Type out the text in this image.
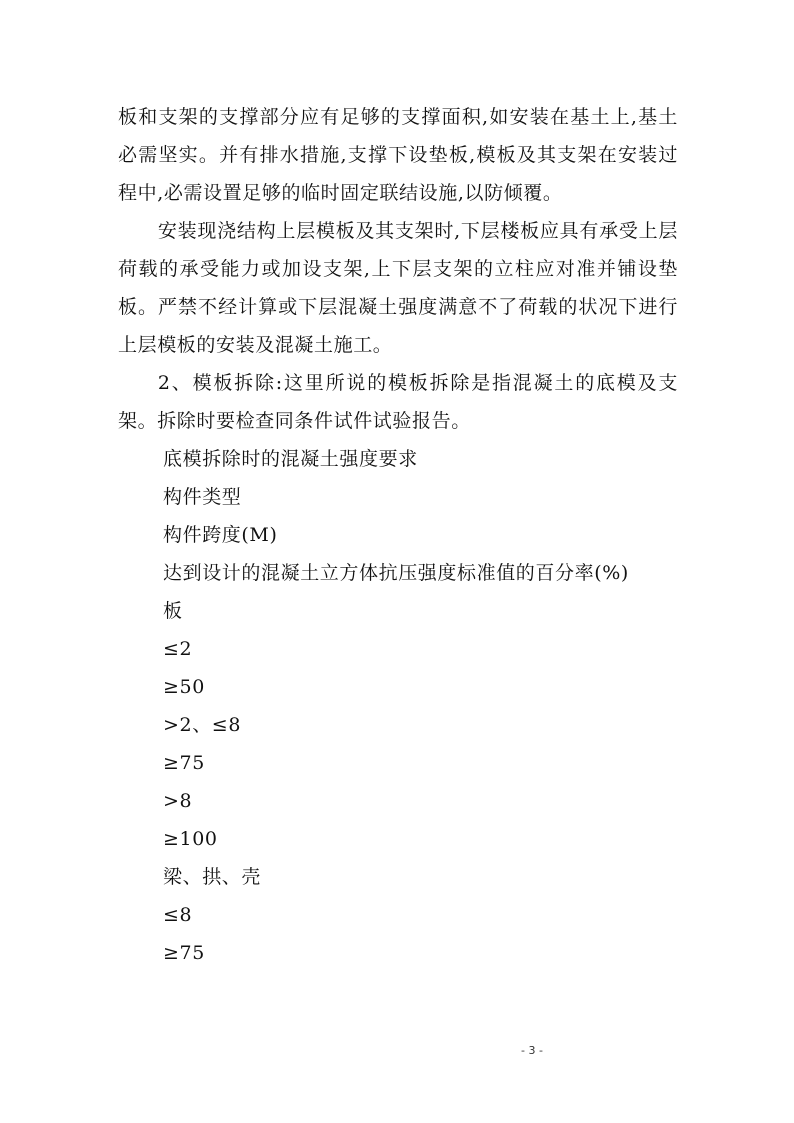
板和支架的支撑部分应有足够的支撑面积,如安装在基土上,基土必需坚实。并有排水措施,支撑下设垫板,模板及其支架在安装过程中,必需设置足够的临时固定联结设施,以防倾覆。

安装现浇结构上层模板及其支架时,下层楼板应具有承受上层荷载的承受能力或加设支架,上下层支架的立柱应对准并铺设垫板。严禁不经计算或下层混凝土强度满意不了荷载的状况下进行上层模板的安装及混凝土施工。

2、模板拆除:这里所说的模板拆除是指混凝土的底模及支架。拆除时要检查同条件试件试验报告。

底模拆除时的混凝土强度要求

构件类型

构件跨度(M)

达到设计的混凝土立方体抗压强度标准值的百分率(%)

板

≤2

≥50

>2、≤8

≥75

>8

≥100

梁、拱、壳

≤8

≥75

- 3 -
